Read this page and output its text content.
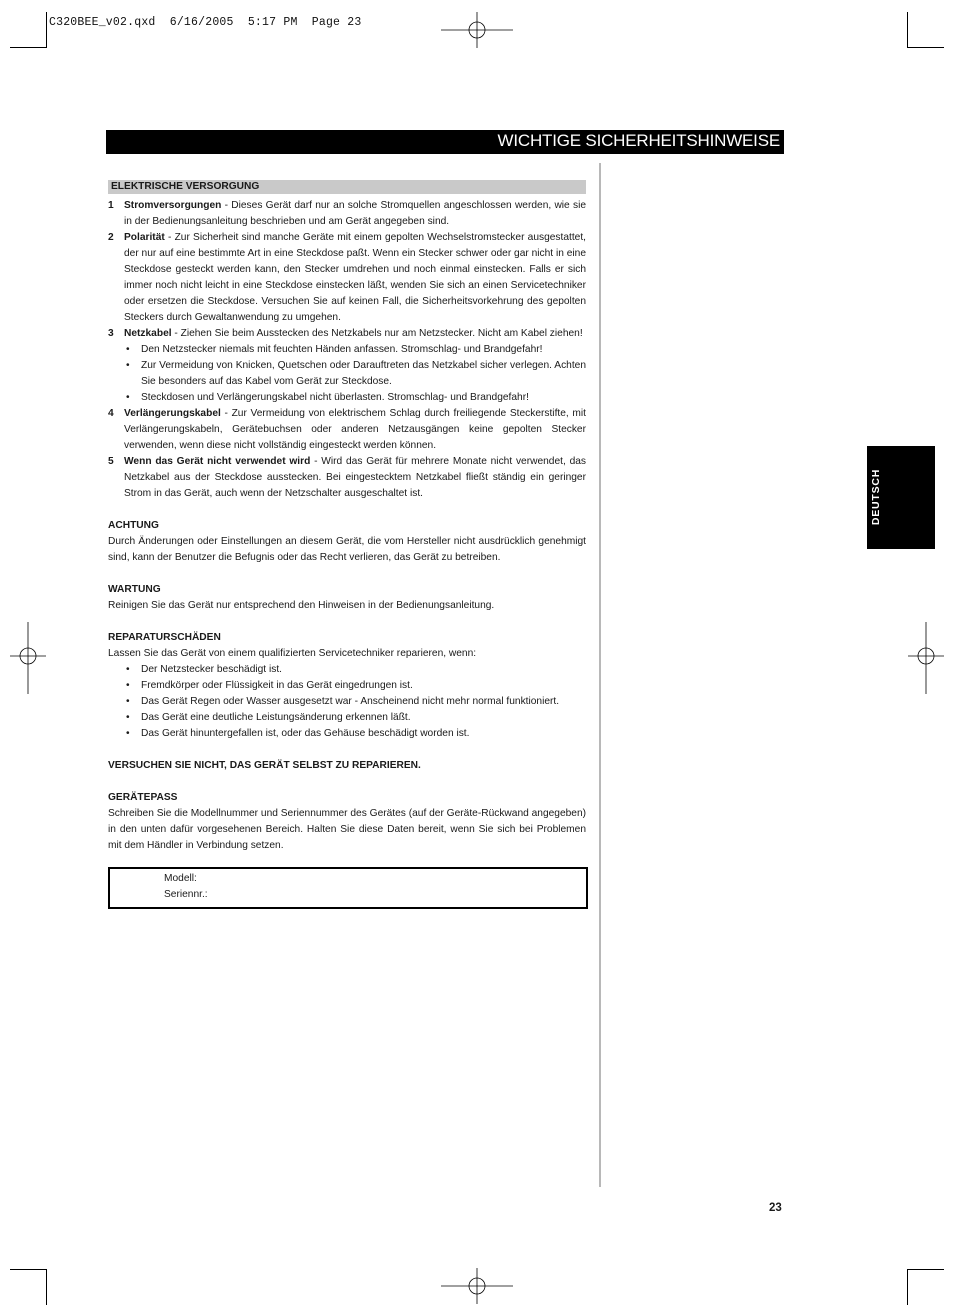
C320BEE_v02.qxd  6/16/2005  5:17 PM  Page 23
WICHTIGE SICHERHEITSHINWEISE
ELEKTRISCHE VERSORGUNG
1 Stromversorgungen - Dieses Gerät darf nur an solche Stromquellen angeschlossen werden, wie sie in der Bedienungsanleitung beschrieben und am Gerät angegeben sind.
2 Polarität - Zur Sicherheit sind manche Geräte mit einem gepolten Wechselstromstecker ausgestattet, der nur auf eine bestimmte Art in eine Steckdose paßt. Wenn ein Stecker schwer oder gar nicht in eine Steckdose gesteckt werden kann, den Stecker umdrehen und noch einmal einstecken. Falls er sich immer noch nicht leicht in eine Steckdose einstecken läßt, wenden Sie sich an einen Servicetechniker oder ersetzen die Steckdose. Versuchen Sie auf keinen Fall, die Sicherheitsvorkehrung des gepolten Steckers durch Gewaltanwendung zu umgehen.
3 Netzkabel - Ziehen Sie beim Ausstecken des Netzkabels nur am Netzstecker. Nicht am Kabel ziehen!
• Den Netzstecker niemals mit feuchten Händen anfassen. Stromschlag- und Brandgefahr!
• Zur Vermeidung von Knicken, Quetschen oder Darauftreten das Netzkabel sicher verlegen. Achten Sie besonders auf das Kabel vom Gerät zur Steckdose.
• Steckdosen und Verlängerungskabel nicht überlasten. Stromschlag- und Brandgefahr!
4 Verlängerungskabel - Zur Vermeidung von elektrischem Schlag durch freiliegende Steckerstifte, mit Verlängerungskabeln, Gerätebuchsen oder anderen Netzausgängen keine gepolten Stecker verwenden, wenn diese nicht vollständig eingesteckt werden können.
5 Wenn das Gerät nicht verwendet wird - Wird das Gerät für mehrere Monate nicht verwendet, das Netzkabel aus der Steckdose ausstecken. Bei eingestecktem Netzkabel fließt ständig ein geringer Strom in das Gerät, auch wenn der Netzschalter ausgeschaltet ist.
ACHTUNG
Durch Änderungen oder Einstellungen an diesem Gerät, die vom Hersteller nicht ausdrücklich genehmigt sind, kann der Benutzer die Befugnis oder das Recht verlieren, das Gerät zu betreiben.
WARTUNG
Reinigen Sie das Gerät nur entsprechend den Hinweisen in der Bedienungsanleitung.
REPARATURSCHÄDEN
Lassen Sie das Gerät von einem qualifizierten Servicetechniker reparieren, wenn:
• Der Netzstecker beschädigt ist.
• Fremdkörper oder Flüssigkeit in das Gerät eingedrungen ist.
• Das Gerät Regen oder Wasser ausgesetzt war - Anscheinend nicht mehr normal funktioniert.
• Das Gerät eine deutliche Leistungsänderung erkennen läßt.
• Das Gerät hinuntergefallen ist, oder das Gehäuse beschädigt worden ist.
VERSUCHEN SIE NICHT, DAS GERÄT SELBST ZU REPARIEREN.
GERÄTEPASS
Schreiben Sie die Modellnummer und Seriennummer des Gerätes (auf der Geräte-Rückwand angegeben) in den unten dafür vorgesehenen Bereich. Halten Sie diese Daten bereit, wenn Sie sich bei Problemen mit dem Händler in Verbindung setzen.
Modell:
Seriennr.:
DEUTSCH
23
